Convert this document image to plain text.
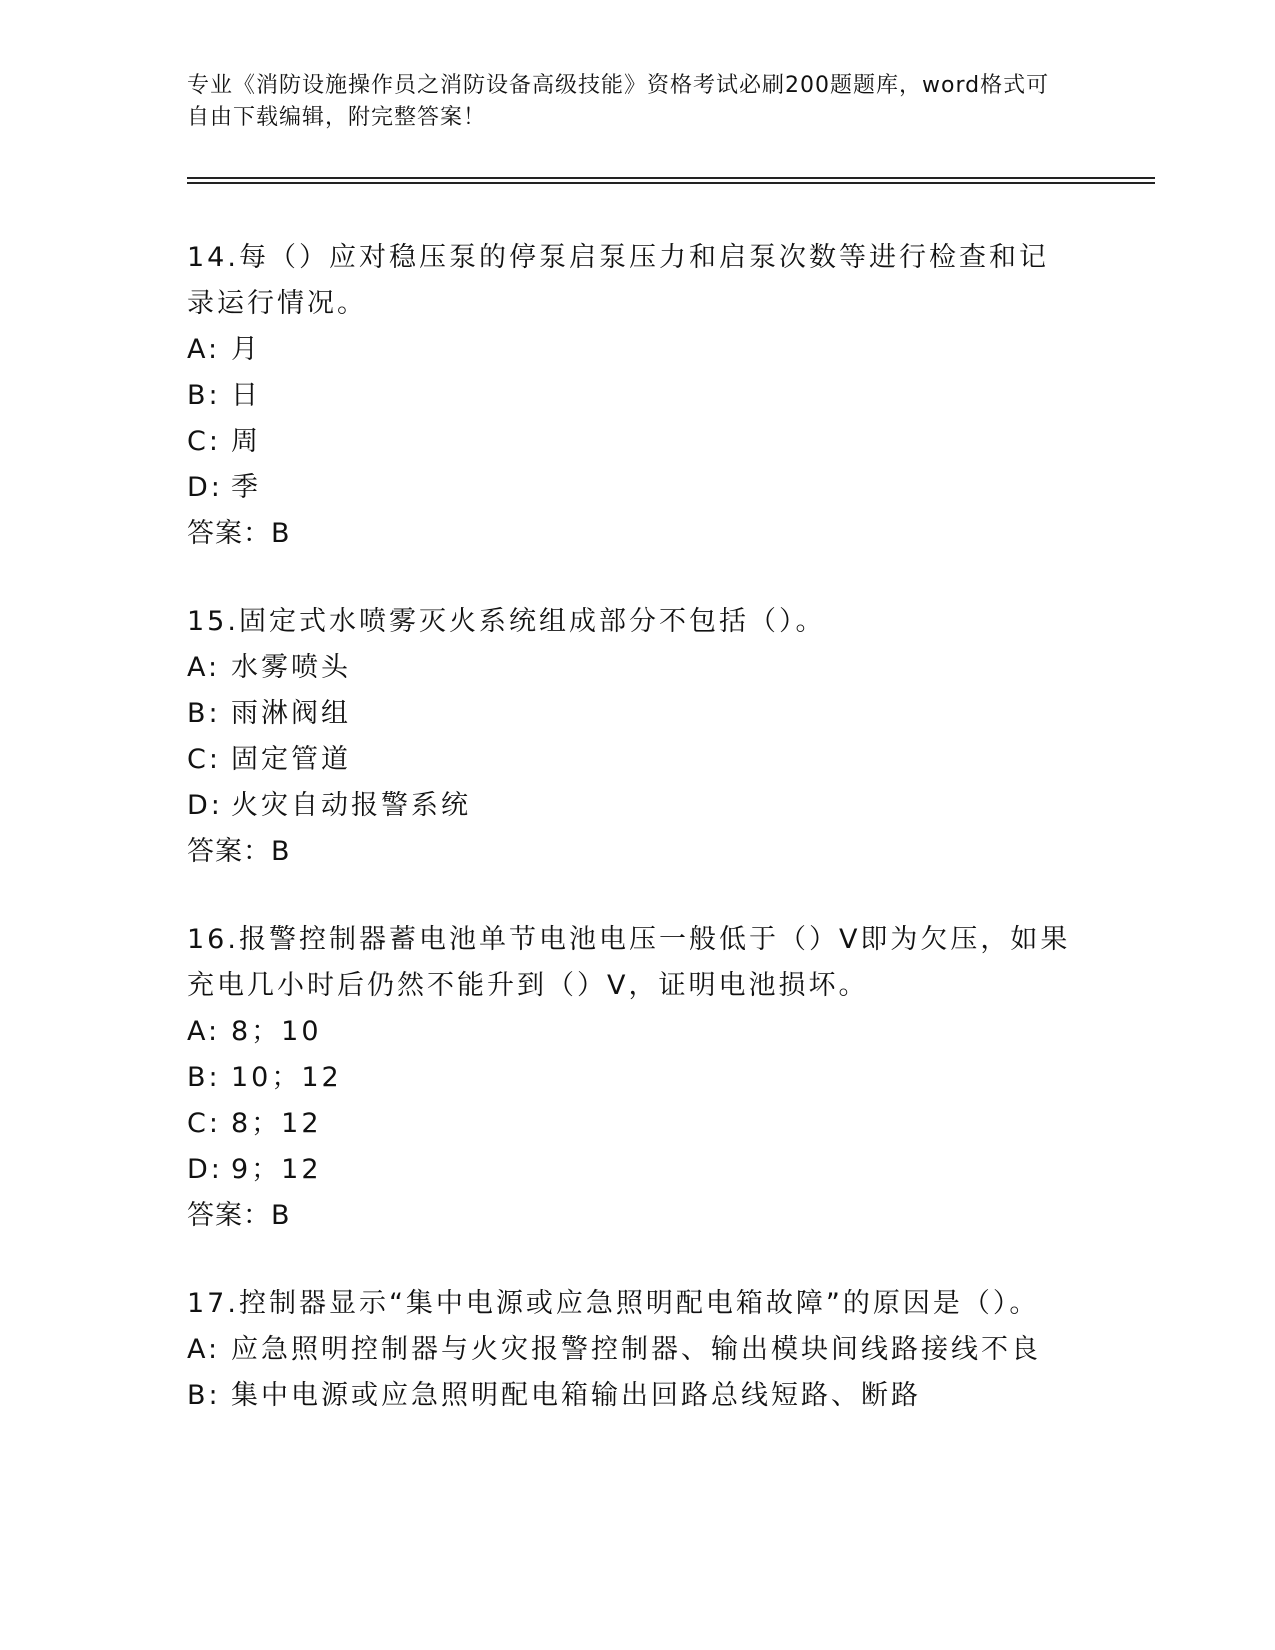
专业《消防设施操作员之消防设备高级技能》资格考试必刷200题题库，word格式可自由下载编辑，附完整答案！
14.每（）应对稳压泵的停泵启泵压力和启泵次数等进行检查和记录运行情况。
A: 月
B: 日
C: 周
D: 季
答案：B
15.固定式水喷雾灭火系统组成部分不包括（）。
A: 水雾喷头
B: 雨淋阀组
C: 固定管道
D: 火灾自动报警系统
答案：B
16.报警控制器蓄电池单节电池电压一般低于（）V即为欠压，如果充电几小时后仍然不能升到（）V，证明电池损坏。
A: 8；10
B: 10；12
C: 8；12
D: 9；12
答案：B
17.控制器显示“集中电源或应急照明配电箱故障”的原因是（）。
A: 应急照明控制器与火灾报警控制器、输出模块间线路接线不良
B: 集中电源或应急照明配电箱输出回路总线短路、断路
